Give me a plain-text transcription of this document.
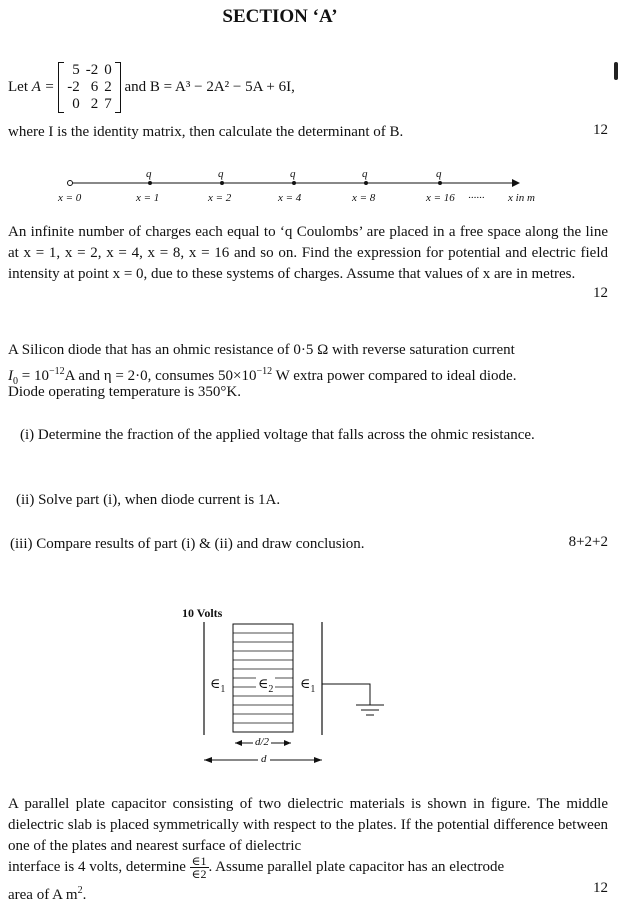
SECTION ‘A’
Let A =
5	-2	0
-2	6	2
0	2	7
and B = A³ − 2A² − 5A + 6I,
where I is the identity matrix, then calculate the determinant of B.	12
q	q	q	q	q
x = 0	x = 1	x = 2	x = 4	x = 8	x = 16 ······ x in m
An infinite number of charges each equal to ‘q Coulombs’ are placed in a free space along the line at x = 1, x = 2, x = 4, x = 8, x = 16 and so on. Find the expression for potential and electric field intensity at point x = 0, due to these systems of charges. Assume that values of x are in metres.
12
A Silicon diode that has an ohmic resistance of 0·5 Ω with reverse saturation current
$I_0 = 10^{-12}A$ and η = 2·0, consumes $50\times 10^{-12}$ W extra power compared to ideal diode.
Diode operating temperature is 350°K.
(i) Determine the fraction of the applied voltage that falls across the ohmic resistance.
(ii) Solve part (i), when diode current is 1A.
(iii) Compare results of part (i) & (ii) and draw conclusion.	8+2+2
10 Volts
$\in_1$ $\in_2$ $\in_1$
d/2
d
A parallel plate capacitor consisting of two dielectric materials is shown in figure. The middle dielectric slab is placed symmetrically with respect to the plates. If the potential difference between one of the plates and nearest surface of dielectric
interface is 4 volts, determine $\frac{\in 1}{\in 2}$ . Assume parallel plate capacitor has an electrode
area of A $m^2$.	12
